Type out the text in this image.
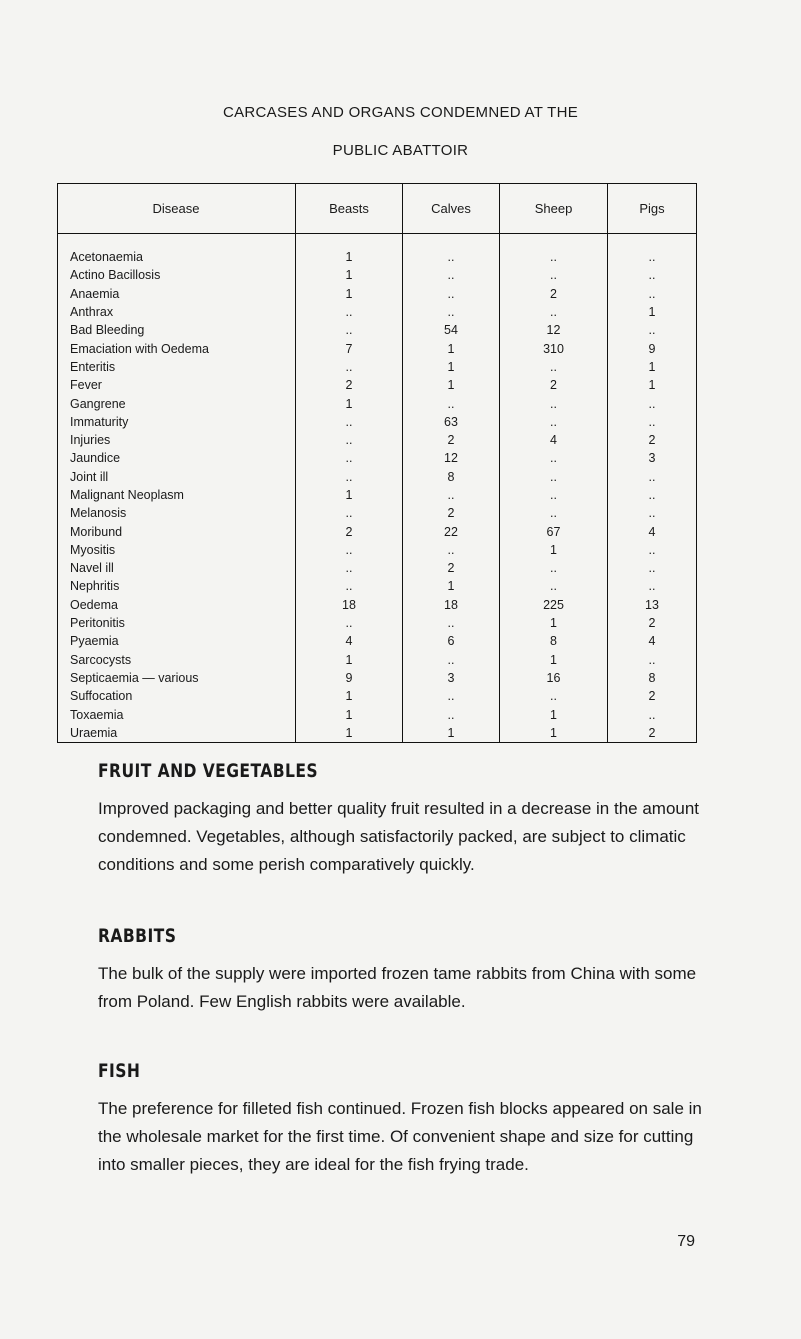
CARCASES AND ORGANS CONDEMNED AT THE
PUBLIC ABATTOIR
Disease	Beasts	Calves	Sheep	Pigs

Acetonaemia	1	..	..	..
Actino Bacillosis	1	..	..	..
Anaemia	1	..	2	..
Anthrax	..	..	..	1
Bad Bleeding	..	54	12	..
Emaciation with Oedema	7	1	310	9
Enteritis	..	1	..	1
Fever	2	1	2	1
Gangrene	1	..	..	..
Immaturity	..	63	..	..
Injuries	..	2	4	2
Jaundice	..	12	..	3
Joint ill	..	8	..	..
Malignant Neoplasm	1	..	..	..
Melanosis	..	2	..	..
Moribund	2	22	67	4
Myositis	..	..	1	..
Navel ill	..	2	..	..
Nephritis	..	1	..	..
Oedema	18	18	225	13
Peritonitis	..	..	1	2
Pyaemia	4	6	8	4
Sarcocysts	1	..	1	..
Septicaemia — various	9	3	16	8
Suffocation	1	..	..	2
Toxaemia	1	..	1	..
Uraemia	1	1	1	2
FRUIT AND VEGETABLES

Improved packaging and better quality fruit resulted in a decrease in the amount condemned. Vegetables, although satisfactorily packed, are subject to climatic conditions and some perish comparatively quickly.

RABBITS

The bulk of the supply were imported frozen tame rabbits from China with some from Poland. Few English rabbits were available.

FISH

The preference for filleted fish continued. Frozen fish blocks appeared on sale in the wholesale market for the first time. Of convenient shape and size for cutting into smaller pieces, they are ideal for the fish frying trade.

79
